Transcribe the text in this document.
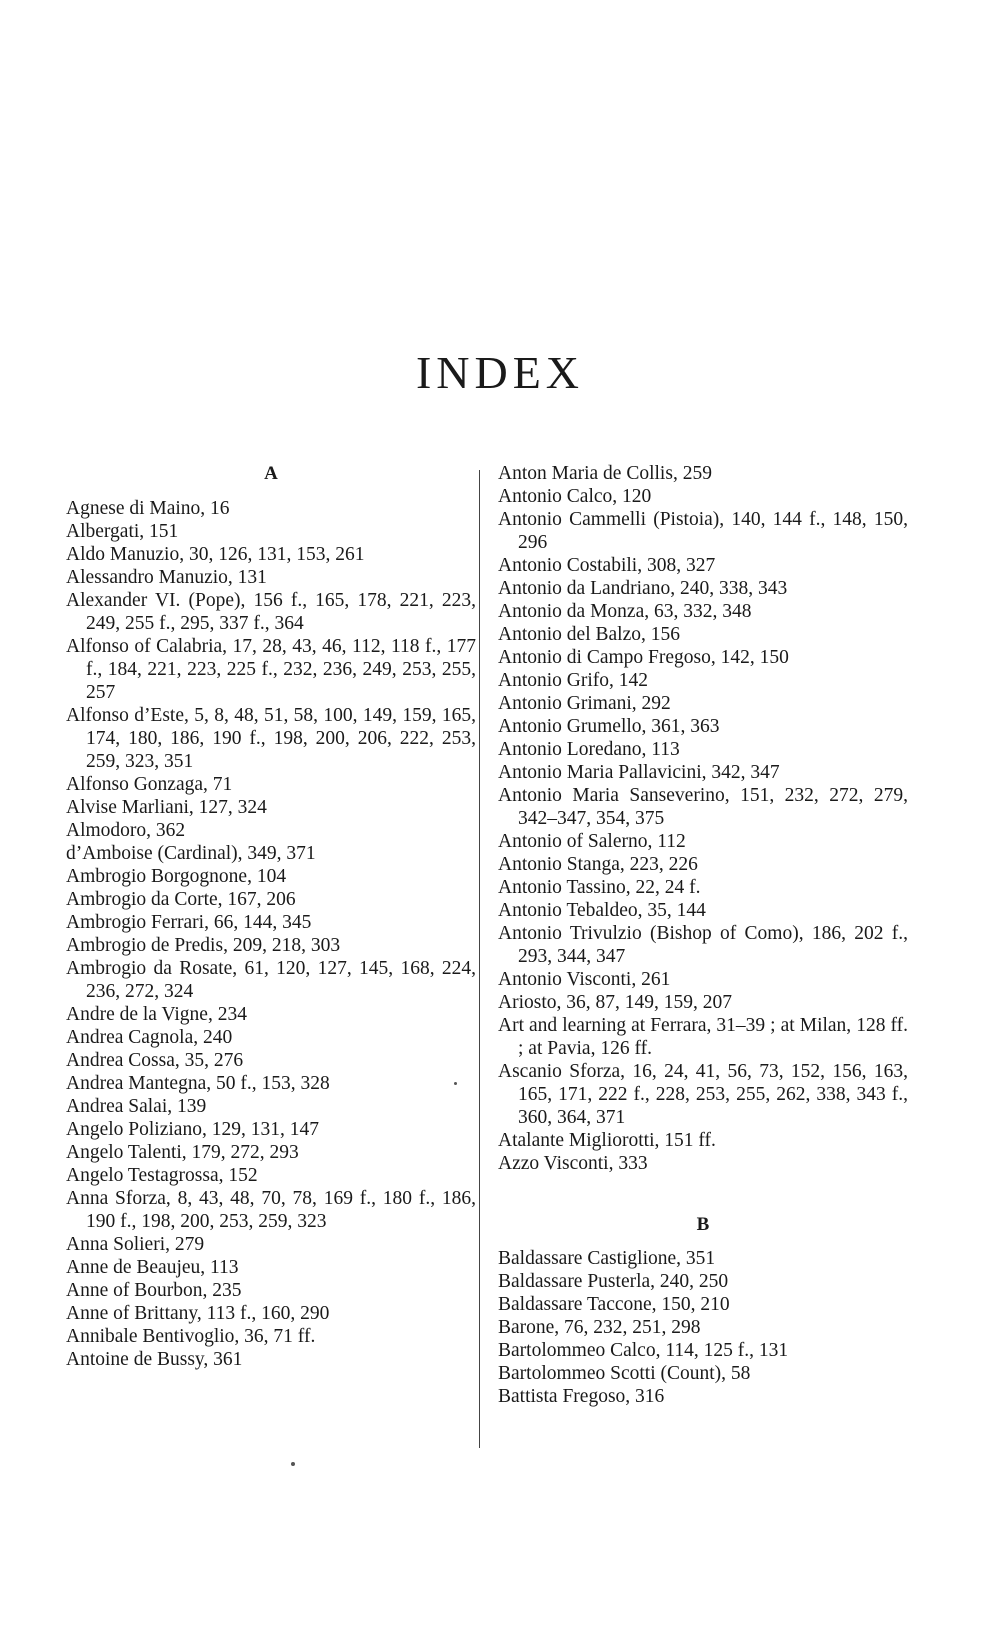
INDEX
A

Agnese di Maino, 16

Albergati, 151

Aldo Manuzio, 30, 126, 131, 153, 261

Alessandro Manuzio, 131

Alexander VI. (Pope), 156 f., 165, 178, 221, 223, 249, 255 f., 295, 337 f., 364

Alfonso of Calabria, 17, 28, 43, 46, 112, 118 f., 177 f., 184, 221, 223, 225 f., 232, 236, 249, 253, 255, 257

Alfonso d’Este, 5, 8, 48, 51, 58, 100, 149, 159, 165, 174, 180, 186, 190 f., 198, 200, 206, 222, 253, 259, 323, 351

Alfonso Gonzaga, 71

Alvise Marliani, 127, 324

Almodoro, 362

d’Amboise (Cardinal), 349, 371

Ambrogio Borgognone, 104

Ambrogio da Corte, 167, 206

Ambrogio Ferrari, 66, 144, 345

Ambrogio de Predis, 209, 218, 303

Ambrogio da Rosate, 61, 120, 127, 145, 168, 224, 236, 272, 324

Andre de la Vigne, 234

Andrea Cagnola, 240

Andrea Cossa, 35, 276

Andrea Mantegna, 50 f., 153, 328

Andrea Salai, 139

Angelo Poliziano, 129, 131, 147

Angelo Talenti, 179, 272, 293

Angelo Testagrossa, 152

Anna Sforza, 8, 43, 48, 70, 78, 169 f., 180 f., 186, 190 f., 198, 200, 253, 259, 323

Anna Solieri, 279

Anne de Beaujeu, 113

Anne of Bourbon, 235

Anne of Brittany, 113 f., 160, 290

Annibale Bentivoglio, 36, 71 ff.

Antoine de Bussy, 361

Anton Maria de Collis, 259

Antonio Calco, 120

Antonio Cammelli (Pistoia), 140, 144 f., 148, 150, 296

Antonio Costabili, 308, 327

Antonio da Landriano, 240, 338, 343

Antonio da Monza, 63, 332, 348

Antonio del Balzo, 156

Antonio di Campo Fregoso, 142, 150

Antonio Grifo, 142

Antonio Grimani, 292

Antonio Grumello, 361, 363

Antonio Loredano, 113

Antonio Maria Pallavicini, 342, 347

Antonio Maria Sanseverino, 151, 232, 272, 279, 342–347, 354, 375

Antonio of Salerno, 112

Antonio Stanga, 223, 226

Antonio Tassino, 22, 24 f.

Antonio Tebaldeo, 35, 144

Antonio Trivulzio (Bishop of Como), 186, 202 f., 293, 344, 347

Antonio Visconti, 261

Ariosto, 36, 87, 149, 159, 207

Art and learning at Ferrara, 31–39 ; at Milan, 128 ff. ; at Pavia, 126 ff.

Ascanio Sforza, 16, 24, 41, 56, 73, 152, 156, 163, 165, 171, 222 f., 228, 253, 255, 262, 338, 343 f., 360, 364, 371

Atalante Migliorotti, 151 ff.

Azzo Visconti, 333

B

Baldassare Castiglione, 351

Baldassare Pusterla, 240, 250

Baldassare Taccone, 150, 210

Barone, 76, 232, 251, 298

Bartolommeo Calco, 114, 125 f., 131

Bartolommeo Scotti (Count), 58

Battista Fregoso, 316
